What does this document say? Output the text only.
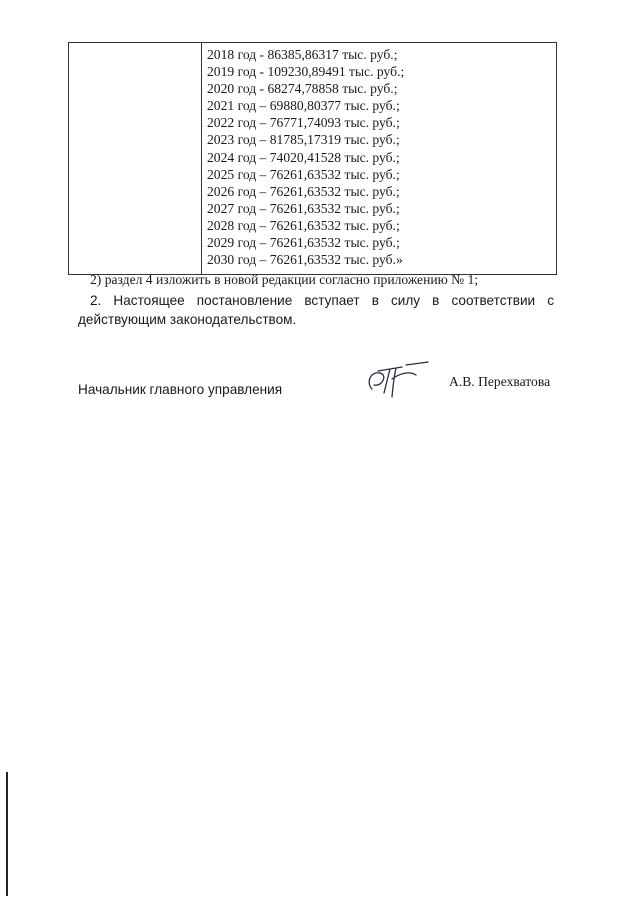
2018 год - 86385,86317 тыс. руб.;
2019 год - 109230,89491 тыс. руб.;
2020 год - 68274,78858 тыс. руб.;
2021 год – 69880,80377 тыс. руб.;
2022 год – 76771,74093 тыс. руб.;
2023 год – 81785,17319 тыс. руб.;
2024 год – 74020,41528 тыс. руб.;
2025 год – 76261,63532 тыс. руб.;
2026 год – 76261,63532 тыс. руб.;
2027 год – 76261,63532 тыс. руб.;
2028 год – 76261,63532 тыс. руб.;
2029 год – 76261,63532 тыс. руб.;
2030 год – 76261,63532 тыс. руб.»
2) раздел 4 изложить в новой редакции согласно приложению № 1;
2. Настоящее постановление вступает в силу в соответствии с
действующим законодательством.
Начальник главного управления
А.В. Перехватова
